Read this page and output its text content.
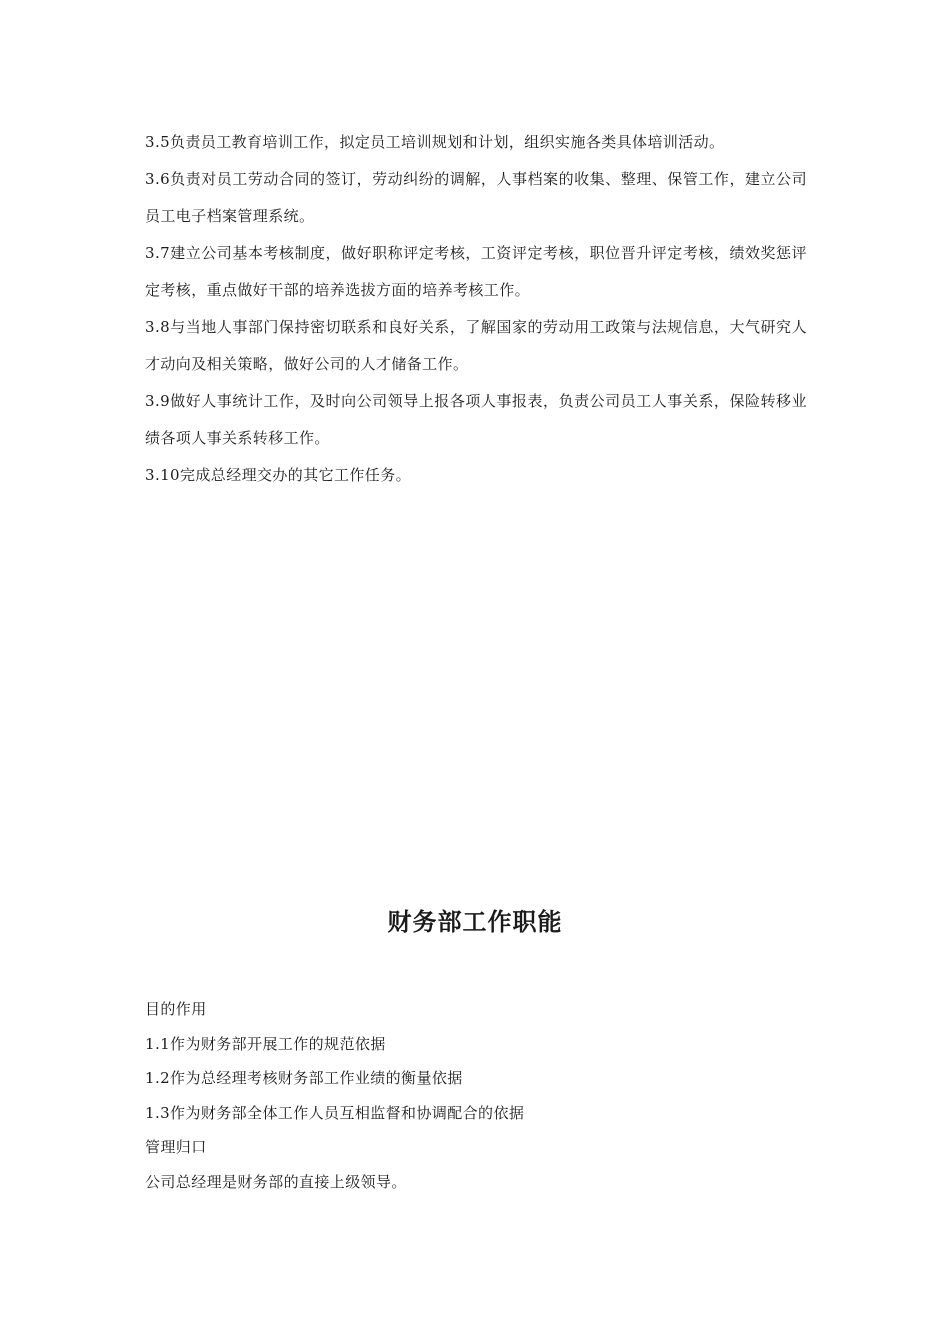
3.5负责员工教育培训工作，拟定员工培训规划和计划，组织实施各类具体培训活动。

3.6负责对员工劳动合同的签订，劳动纠纷的调解，人事档案的收集、整理、保管工作，建立公司员工电子档案管理系统。

3.7建立公司基本考核制度，做好职称评定考核，工资评定考核，职位晋升评定考核，绩效奖惩评定考核，重点做好干部的培养选拔方面的培养考核工作。

3.8与当地人事部门保持密切联系和良好关系，了解国家的劳动用工政策与法规信息，大气研究人才动向及相关策略，做好公司的人才储备工作。

3.9做好人事统计工作，及时向公司领导上报各项人事报表，负责公司员工人事关系，保险转移业绩各项人事关系转移工作。

3.10完成总经理交办的其它工作任务。

财务部工作职能

目的作用

1.1作为财务部开展工作的规范依据

1.2作为总经理考核财务部工作业绩的衡量依据

1.3作为财务部全体工作人员互相监督和协调配合的依据

管理归口

公司总经理是财务部的直接上级领导。
